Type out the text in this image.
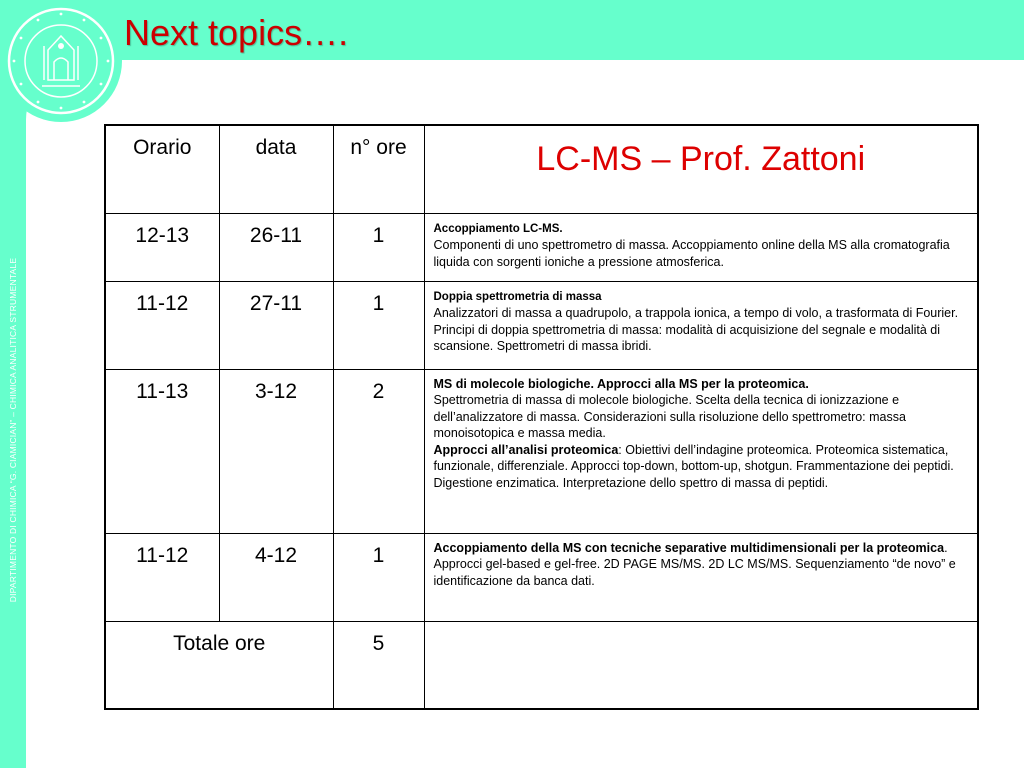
Next topics….
DIPARTIMENTO DI CHIMICA “G. CIAMICIAN” – CHIMICA ANALITICA STRUMENTALE
Orario	data	n° ore	LC-MS – Prof. Zattoni
12-13	26-11	1	Accoppiamento LC-MS.
Componenti di uno spettrometro di massa. Accoppiamento online della MS alla cromatografia liquida con sorgenti ioniche a pressione atmosferica.
11-12	27-11	1	Doppia spettrometria di massa
Analizzatori di massa a quadrupolo, a trappola ionica, a tempo di volo, a trasformata di Fourier. Principi di doppia spettrometria di massa: modalità di acquisizione del segnale e modalità di scansione. Spettrometri di massa ibridi.
11-13	3-12	2	MS di molecole biologiche. Approcci alla MS per la proteomica.
Spettrometria di massa di molecole biologiche. Scelta della tecnica di ionizzazione e dell’analizzatore di massa. Considerazioni sulla risoluzione dello spettrometro: massa monoisotopica e massa media.
Approcci all’analisi proteomica: Obiettivi dell’indagine proteomica. Proteomica sistematica, funzionale, differenziale. Approcci top-down, bottom-up, shotgun. Frammentazione dei peptidi. Digestione enzimatica. Interpretazione dello spettro di massa di peptidi.
11-12	4-12	1	Accoppiamento della MS con tecniche separative multidimensionali per la proteomica. Approcci gel-based e gel-free. 2D PAGE MS/MS. 2D LC MS/MS. Sequenziamento “de novo” e identificazione da banca dati.
Totale ore		5	
